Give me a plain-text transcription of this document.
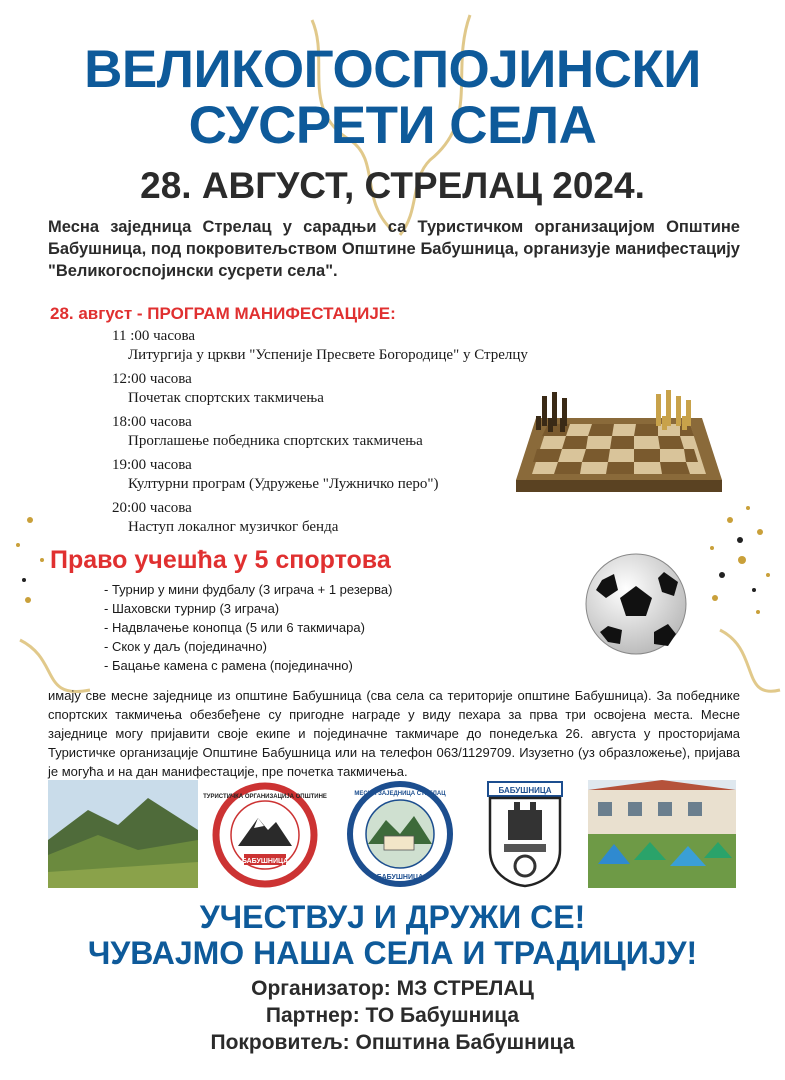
ВЕЛИКОГОСПОЈИНСКИ
СУСРЕТИ СЕЛА
28. АВГУСТ, СТРЕЛАЦ 2024.
Месна заједница Стрелац у сарадњи са Туристичком организацијом Општине Бабушница, под покровитељством Општине Бабушница, организује манифестацију "Великогоспојински сусрети села".
28. август - ПРОГРАМ МАНИФЕСТАЦИЈЕ:
11 :00 часова
Литургија у цркви "Успеније Пресвете Богородице" у Стрелцу
12:00 часова
Почетак спортских такмичења
18:00 часова
Проглашење победника спортских такмичења
19:00 часова
Културни програм (Удружење "Лужничко перо")
20:00 часова
Наступ локалног музичког бенда
Право учешћа у 5 спортова
- Турнир у мини фудбалу (3 играча + 1 резерва)
- Шаховски турнир (3 играча)
- Надвлачење конопца (5 или 6 такмичара)
- Скок у даљ (појединачно)
- Бацање камена с рамена (појединачно)
имају све месне заједнице из општине Бабушница (сва села са територије општине Бабушница). За победнике спортских такмичења обезбеђене су пригодне награде у виду пехара за прва три освојена места. Месне заједнице могу пријавити своје екипе и појединачне такмичаре до понедељка 26. августа у просторијама Туристичке организације Општине Бабушница или на телефон 063/1129709. Изузетно (уз образложење), пријава је могућа и на дан манифестације, пре почетка такмичења.
ТУРИСТИЧКА ОРГАНИЗАЦИЈА ОПШТИНЕ
БАБУШНИЦА
МЕСНА ЗАЈЕДНИЦА СТРЕЛАЦ
БАБУШНИЦА
БАБУШНИЦА
УЧЕСТВУЈ И ДРУЖИ СЕ!
ЧУВАЈМО НАША СЕЛА И ТРАДИЦИЈУ!
Организатор: МЗ СТРЕЛАЦ
Партнер: ТО Бабушница
Покровитељ: Општина Бабушница
